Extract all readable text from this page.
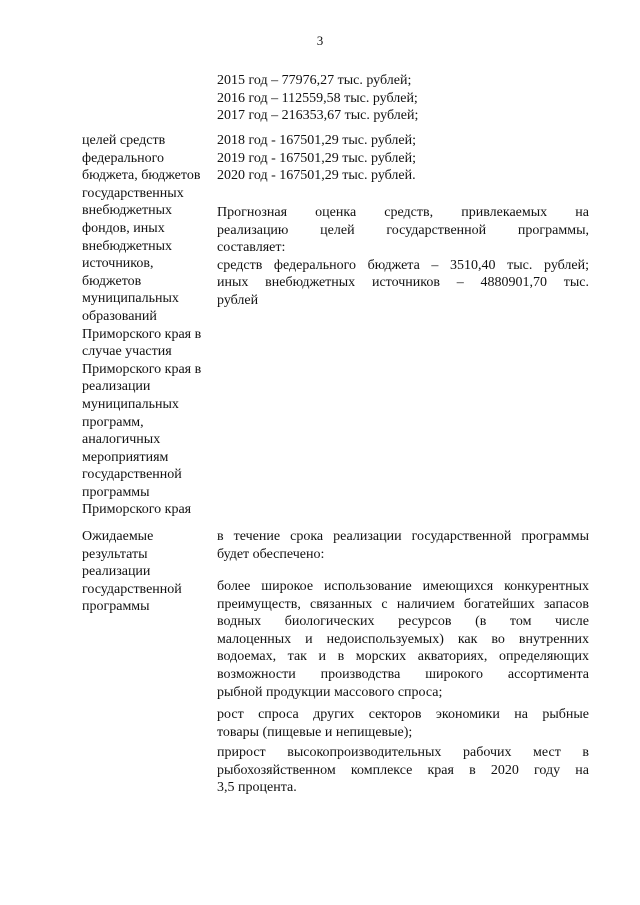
3
2015 год – 77976,27 тыс. рублей;
2016 год – 112559,58 тыс. рублей;
2017 год – 216353,67 тыс. рублей;
целей средств
федерального
бюджета, бюджетов
государственных
внебюджетных
фондов, иных
внебюджетных
источников,
бюджетов
муниципальных
образований
Приморского края в
случае участия
Приморского края в
реализации
муниципальных
программ,
аналогичных
мероприятиям
государственной
программы
Приморского края
2018 год - 167501,29 тыс. рублей;
2019 год - 167501,29 тыс. рублей;
2020 год - 167501,29 тыс. рублей.
Прогнозная оценка средств, привлекаемых на
реализацию целей государственной программы,
составляет:
средств федерального бюджета – 3510,40 тыс. рублей;
иных внебюджетных источников – 4880901,70 тыс.
рублей
Ожидаемые
результаты
реализации
государственной
программы
в течение срока реализации государственной программы
будет обеспечено:
более широкое использование имеющихся конкурентных
преимуществ, связанных с наличием богатейших запасов
водных биологических ресурсов (в том числе
малоценных и недоиспользуемых) как во внутренних
водоемах, так и в морских акваториях, определяющих
возможности производства широкого ассортимента
рыбной продукции массового спроса;
рост спроса других секторов экономики на рыбные
товары (пищевые и непищевые);
прирост высокопроизводительных рабочих мест в
рыбохозяйственном комплексе края в 2020 году на
3,5 процента.
